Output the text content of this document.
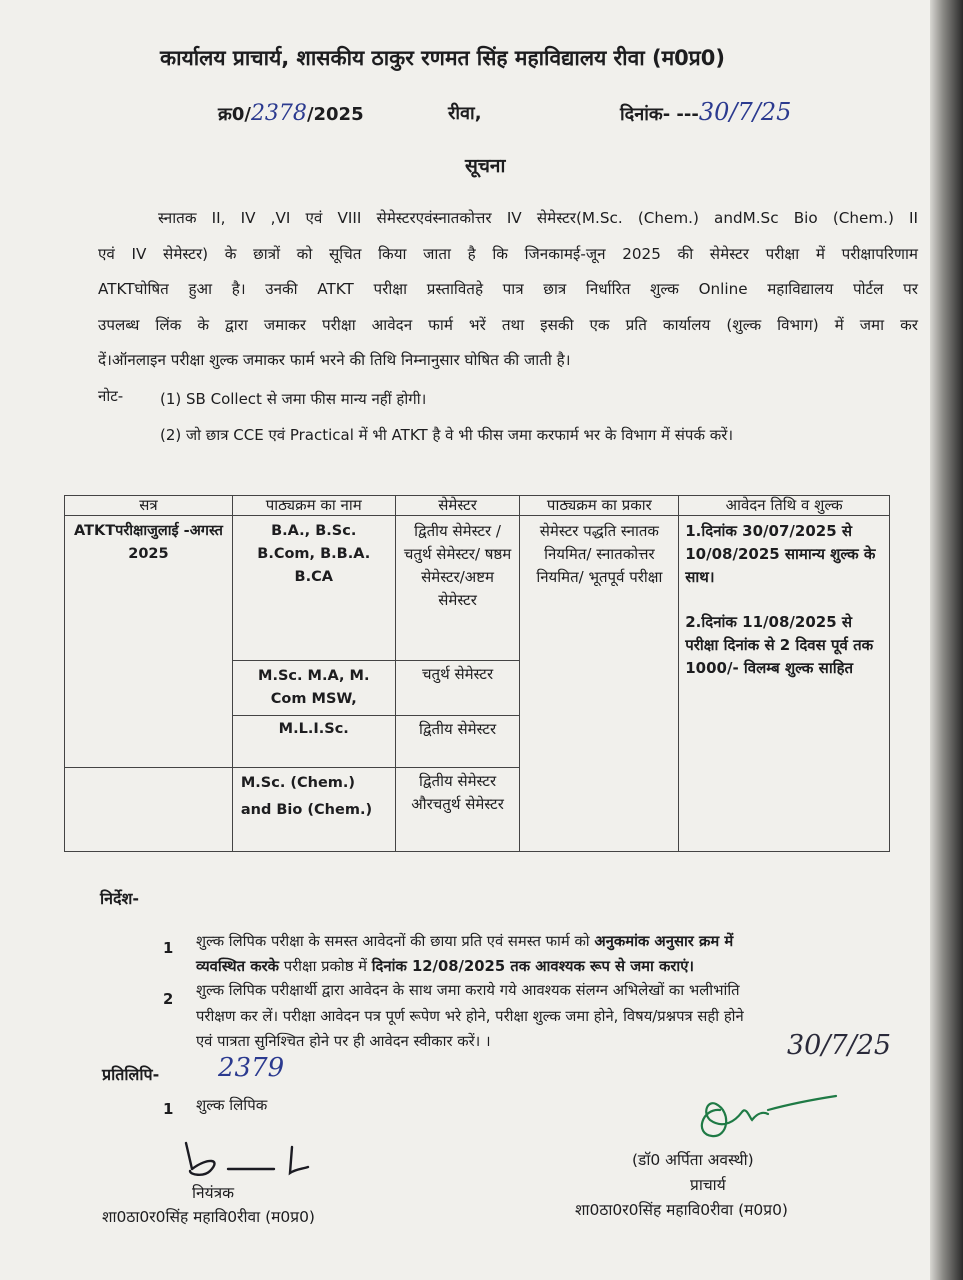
कार्यालय प्राचार्य, शासकीय ठाकुर रणमत सिंह महाविद्यालय रीवा (म0प्र0)
क्र0/2378/2025	रीवा,	दिनांक- ---30/7/25
सूचना
स्नातक II, IV ,VI एवं VIII सेमेस्टरएवंस्नातकोत्तर IV सेमेस्टर(M.Sc. (Chem.) andM.Sc Bio (Chem.) II
एवं IV सेमेस्टर) के छात्रों को सूचित किया जाता है कि जिनकामई-जून 2025 की सेमेस्टर परीक्षा में परीक्षापरिणाम
ATKTघोषित हुआ है। उनकी ATKT परीक्षा प्रस्तावितहे पात्र छात्र निर्धारित शुल्क Online महाविद्यालय पोर्टल पर
उपलब्ध लिंक के द्वारा जमाकर परीक्षा आवेदन फार्म भरें तथा इसकी एक प्रति कार्यालय (शुल्क विभाग) में जमा कर
दें।ऑनलाइन परीक्षा शुल्क जमाकर फार्म भरने की तिथि निम्नानुसार घोषित की जाती है।
नोट- (1) SB Collect से जमा फीस मान्य नहीं होगी।
(2) जो छात्र CCE एवं Practical में भी ATKT है वे भी फीस जमा करफार्म भर के विभाग में संपर्क करें।
सत्र	पाठ्यक्रम का नाम	सेमेस्टर	पाठ्यक्रम का प्रकार	आवेदन तिथि व शुल्क
ATKTपरीक्षाजुलाई -अगस्त 2025	B.A., B.Sc. B.Com, B.B.A. B.CA	द्वितीय सेमेस्टर / चतुर्थ सेमेस्टर/ षष्ठम सेमेस्टर/अष्टम सेमेस्टर	सेमेस्टर पद्धति स्नातक नियमित/ स्नातकोत्तर नियमित/ भूतपूर्व परीक्षा	1.दिनांक 30/07/2025 से 10/08/2025 सामान्य शुल्क के साथ।
2.दिनांक 11/08/2025 से परीक्षा दिनांक से 2 दिवस पूर्व तक 1000/- विलम्ब शुल्क साहित

	M.Sc. M.A, M. Com MSW,	चतुर्थ सेमेस्टर		
	M.L.I.Sc.	द्वितीय सेमेस्टर		
	M.Sc. (Chem.) and Bio (Chem.)	द्वितीय सेमेस्टर औरचतुर्थ सेमेस्टर		
निर्देश-
1 शुल्क लिपिक परीक्षा के समस्त आवेदनों की छाया प्रति एवं समस्त फार्म को अनुकमांक अनुसार क्रम में
व्यवस्थित करके परीक्षा प्रकोष्ठ में दिनांक 12/08/2025 तक आवश्यक रूप से जमा कराएं।
2
शुल्क लिपिक परीक्षार्थी द्वारा आवेदन के साथ जमा कराये गये आवश्यक संलग्न अभिलेखों का भलीभांति
परीक्षण कर लें। परीक्षा आवेदन पत्र पूर्ण रूपेण भरे होने, परीक्षा शुल्क जमा होने, विषय/प्रश्नपत्र सही होने
एवं पात्रता सुनिश्चित होने पर ही आवेदन स्वीकार करें। ।
प्रतिलिपि- 2379
30/7/25
1 शुल्क लिपिक
नियंत्रक
शा0ठा0र0सिंह महावि0रीवा (म0प्र0)
(डॉ0 अर्पिता अवस्थी)
प्राचार्य
शा0ठा0र0सिंह महावि0रीवा (म0प्र0)
